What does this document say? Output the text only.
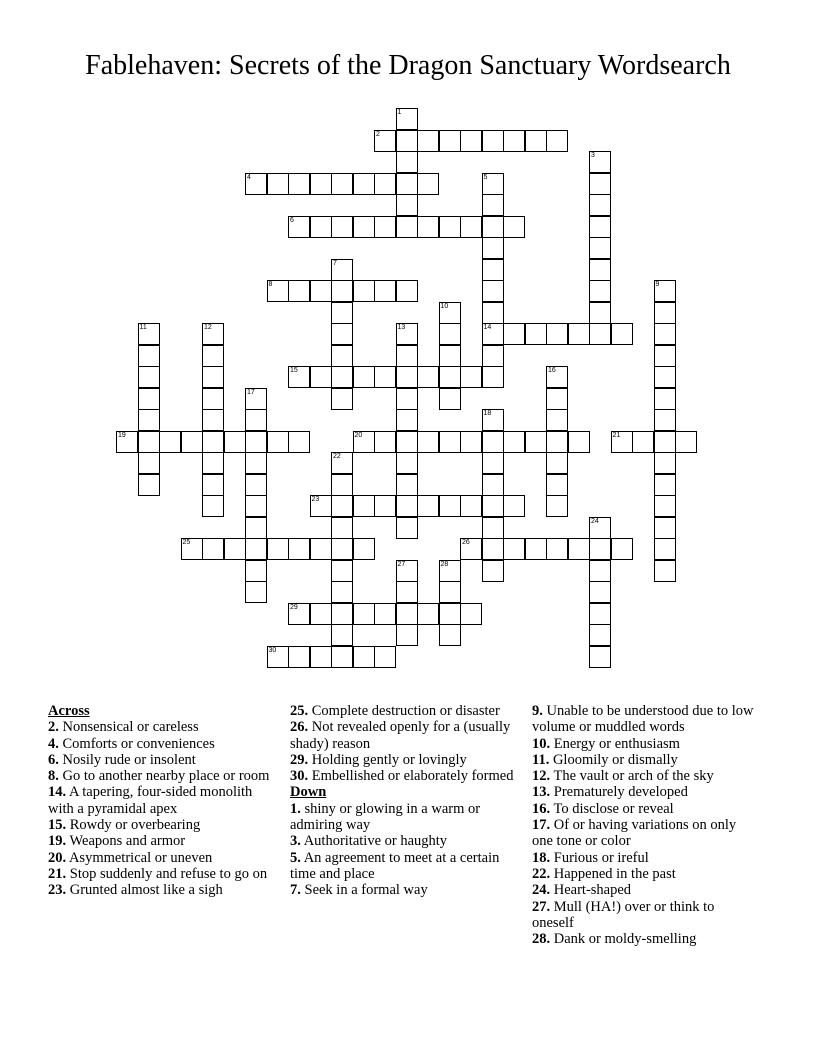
Fablehaven: Secrets of the Dragon Sanctuary Wordsearch
2
4
6
8
14
15
19	20	21
23
25	26
29
30
1
3
5
7
9
10
11	12	13
16
17
18
22
24
27	28
Across
2. Nonsensical or careless
4. Comforts or conveniences
6. Nosily rude or insolent
8. Go to another nearby place or room
14. A tapering, four-sided monolith with a pyramidal apex
15. Rowdy or overbearing
19. Weapons and armor
20. Asymmetrical or uneven
21. Stop suddenly and refuse to go on
23. Grunted almost like a sigh
25. Complete destruction or disaster
26. Not revealed openly for a (usually shady) reason
29. Holding gently or lovingly
30. Embellished or elaborately formed
Down
1. shiny or glowing in a warm or admiring way
3. Authoritative or haughty
5. An agreement to meet at a certain time and place
7. Seek in a formal way
9. Unable to be understood due to low volume or muddled words
10. Energy or enthusiasm
11. Gloomily or dismally
12. The vault or arch of the sky
13. Prematurely developed
16. To disclose or reveal
17. Of or having variations on only one tone or color
18. Furious or ireful
22. Happened in the past
24. Heart-shaped
27. Mull (HA!) over or think to oneself
28. Dank or moldy-smelling
